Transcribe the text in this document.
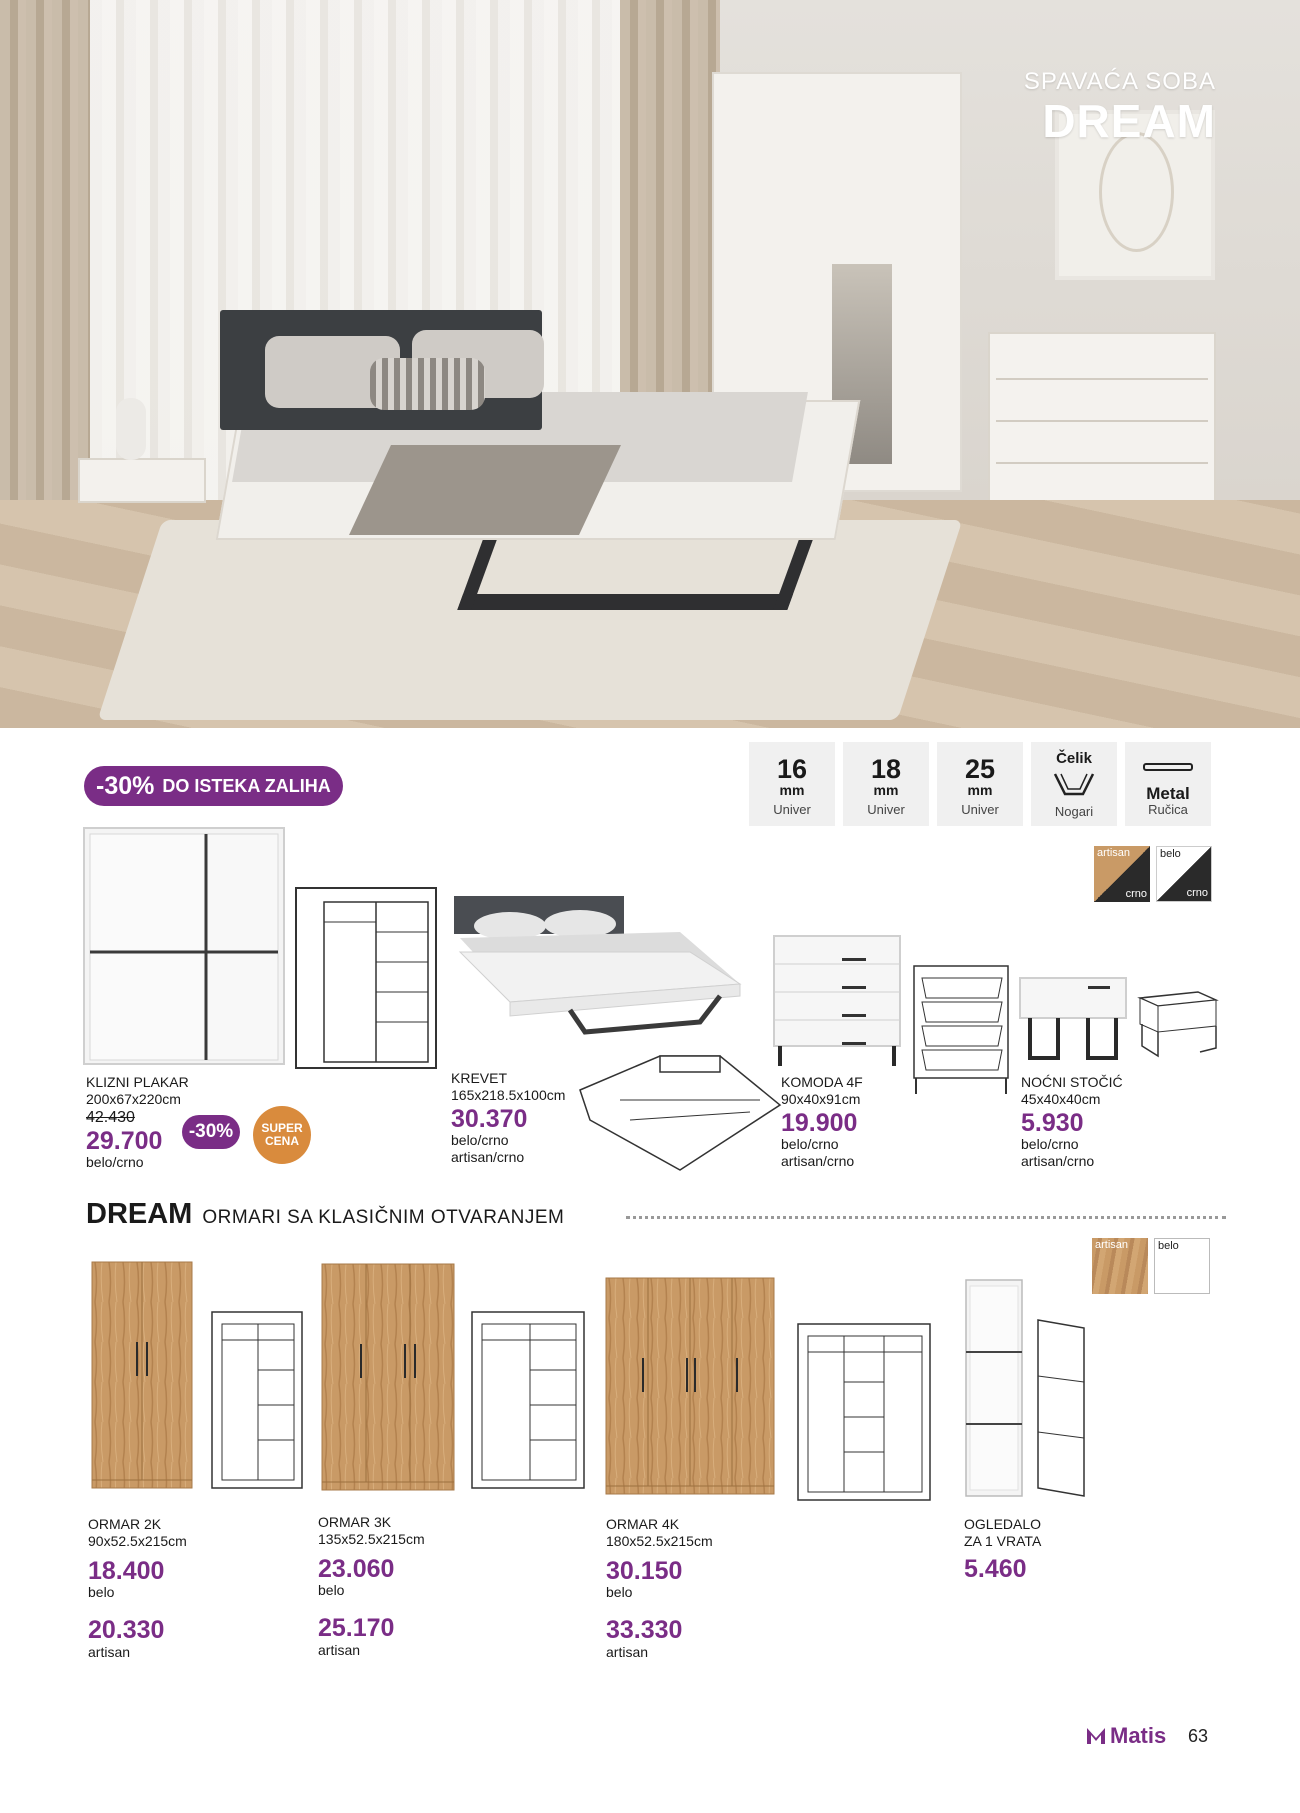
SPAVAĆA SOBA
DREAM
-30% DO ISTEKA ZALIHA
16
mm
Univer
18
mm
Univer
25
mm
Univer
Čelik
Nogari
Metal
Ručica
artisan
crno
belo
crno
KLIZNI PLAKAR
200x67x220cm
42.430
29.700
belo/crno
-30%	SUPER
CENA
KREVET
165x218.5x100cm
30.370
belo/crno
artisan/crno
KOMODA 4F
90x40x91cm
19.900
belo/crno
artisan/crno
NOĆNI STOČIĆ
45x40x40cm
5.930
belo/crno
artisan/crno
DREAM ORMARI SA KLASIČNIM OTVARANJEM
artisan	belo
ORMAR 2K
90x52.5x215cm
18.400
belo
20.330
artisan
ORMAR 3K
135x52.5x215cm
23.060
belo
25.170
artisan
ORMAR 4K
180x52.5x215cm
30.150
belo
33.330
artisan
OGLEDALO
ZA 1 VRATA
5.460
Matis 63
